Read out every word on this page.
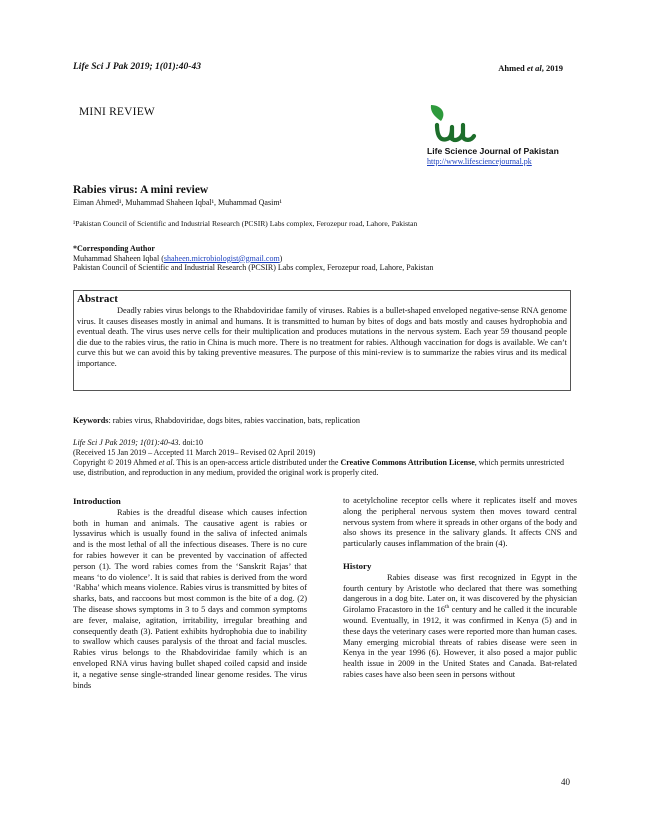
Life Sci J Pak 2019; 1(01):40-43	Ahmed et al, 2019
MINI REVIEW
Life Science Journal of Pakistan
http://www.lifesciencejournal.pk
Rabies virus: A mini review
Eiman Ahmed¹, Muhammad Shaheen Iqbal¹, Muhammad Qasim¹
¹Pakistan Council of Scientific and Industrial Research (PCSIR) Labs complex, Ferozepur road, Lahore, Pakistan
*Corresponding Author
Muhammad Shaheen Iqbal (shaheen.microbiologist@gmail.com)
Pakistan Council of Scientific and Industrial Research (PCSIR) Labs complex, Ferozepur road, Lahore, Pakistan
Abstract
Deadly rabies virus belongs to the Rhabdoviridae family of viruses. Rabies is a bullet-shaped enveloped negative-sense RNA genome virus. It causes diseases mostly in animal and humans. It is transmitted to human by bites of dogs and bats mostly and causes hydrophobia and eventual death. The virus uses nerve cells for their multiplication and produces mutations in the nervous system. Each year 59 thousand people die due to the rabies virus, the ratio in China is much more. There is no treatment for rabies. Although vaccination for dogs is available. We can’t curve this but we can avoid this by taking preventive measures. The purpose of this mini-review is to summarize the rabies virus and its medical importance.
Keywords: rabies virus, Rhabdoviridae, dogs bites, rabies vaccination, bats, replication
Life Sci J Pak 2019; 1(01):40-43. doi:10
(Received 15 Jan 2019 – Accepted 11 March 2019– Revised 02 April 2019)
Copyright © 2019 Ahmed et al. This is an open-access article distributed under the Creative Commons Attribution License, which permits unrestricted use, distribution, and reproduction in any medium, provided the original work is properly cited.
Introduction

Rabies is the dreadful disease which causes infection both in human and animals. The causative agent is rabies or lyssavirus which is usually found in the saliva of infected animals and is the most lethal of all the infectious diseases. There is no cure for rabies however it can be prevented by vaccination of affected person (1). The word rabies comes from the ‘Sanskrit Rajas’ that means ‘to do violence’. It is said that rabies is derived from the word ‘Rabha’ which means violence. Rabies virus is transmitted by bites of sharks, bats, and raccoons but most common is the bite of a dog. (2) The disease shows symptoms in 3 to 5 days and common symptoms are fever, malaise, agitation, irritability, irregular breathing and consequently death (3). Patient exhibits hydrophobia due to inability to swallow which causes paralysis of the throat and facial muscles. Rabies virus belongs to the Rhabdoviridae family which is an enveloped RNA virus having bullet shaped coiled capsid and inside it, a negative sense single-stranded linear genome resides. The virus binds

to acetylcholine receptor cells where it replicates itself and moves along the peripheral nervous system then moves toward central nervous system from where it spreads in other organs of the body and also shows its presence in the salivary glands. It affects CNS and particularly causes inflammation of the brain (4).

History

Rabies disease was first recognized in Egypt in the fourth century by Aristotle who declared that there was something dangerous in a dog bite. Later on, it was discovered by the physician Girolamo Fracastoro in the 16th century and he called it the incurable wound. Eventually, in 1912, it was confirmed in Kenya (5) and in these days the veterinary cases were reported more than human cases. Many emerging microbial threats of rabies disease were seen in Kenya in the year 1996 (6). However, it also posed a major public health issue in 2009 in the United States and Canada. Bat-related rabies cases have also been seen in persons without

40
